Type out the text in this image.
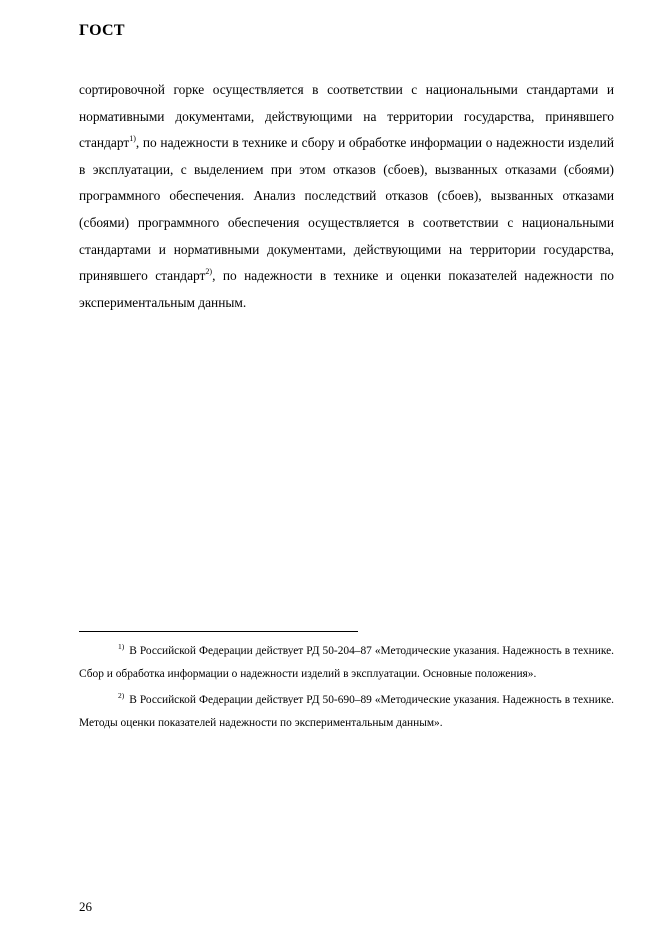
ГОСТ

сортировочной горке осуществляется в соответствии с национальными стандартами и нормативными документами, действующими на территории государства, принявшего стандарт$^{1)}$, по надежности в технике и сбору и обработке информации о надежности изделий в эксплуатации, с выделением при этом отказов (сбоев), вызванных отказами (сбоями) программного обеспечения. Анализ последствий отказов (сбоев), вызванных отказами (сбоями) программного обеспечения осуществляется в соответствии с национальными стандартами и нормативными документами, действующими на территории государства, принявшего стандарт$^{2)}$, по надежности в технике и оценки показателей надежности по экспериментальным данным.

$^{1)}$ В Российской Федерации действует РД 50-204–87 «Методические указания. Надежность в технике. Сбор и обработка информации о надежности изделий в эксплуатации. Основные положения».

$^{2)}$ В Российской Федерации действует РД 50-690–89 «Методические указания. Надежность в технике. Методы оценки показателей надежности по экспериментальным данным».

26
